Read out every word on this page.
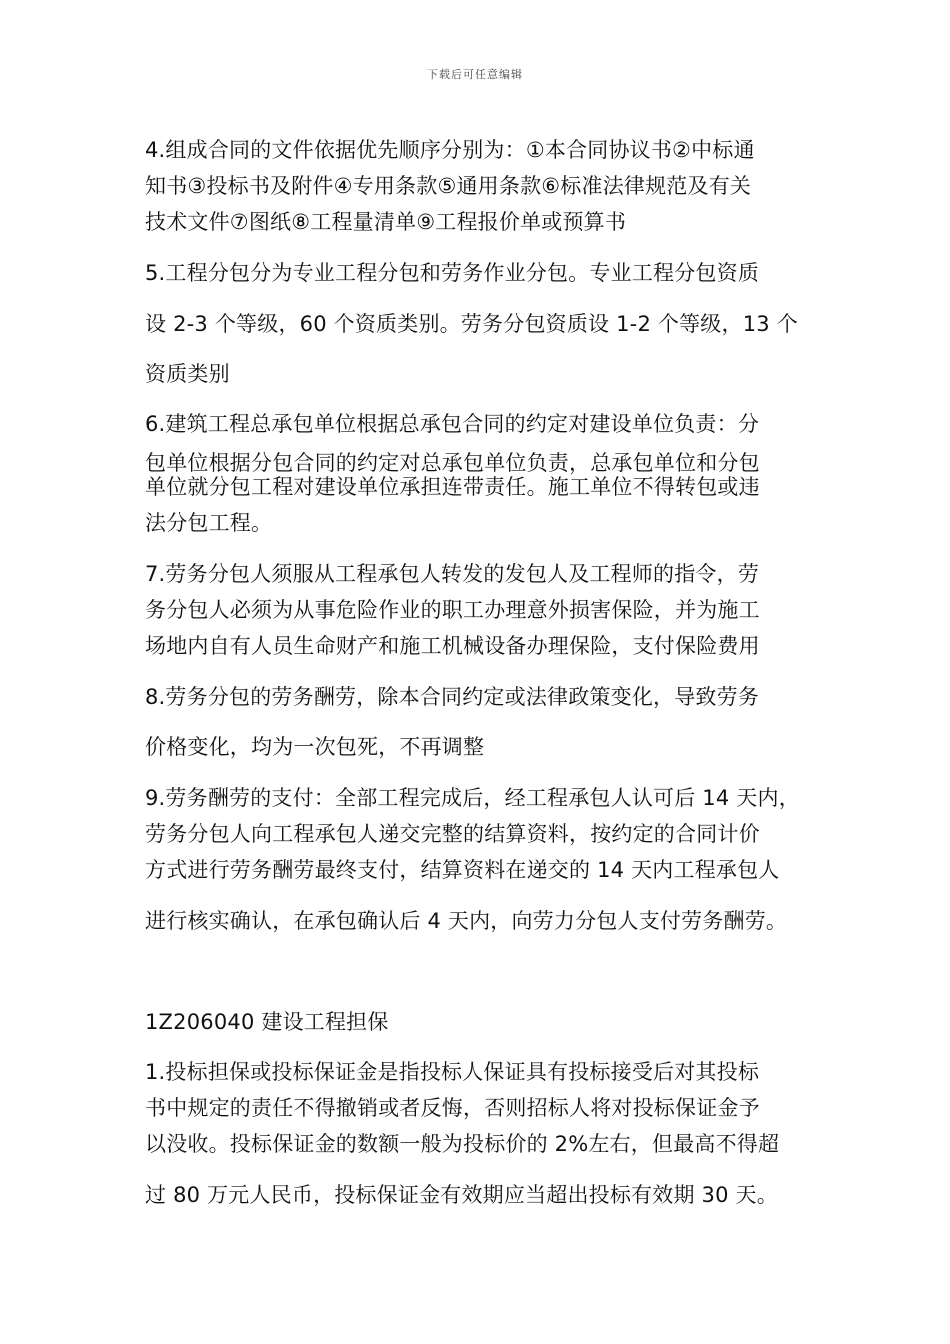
下载后可任意编辑
4.组成合同的文件依据优先顺序分别为：①本合同协议书②中标通
知书③投标书及附件④专用条款⑤通用条款⑥标准法律规范及有关
技术文件⑦图纸⑧工程量清单⑨工程报价单或预算书
5.工程分包分为专业工程分包和劳务作业分包。专业工程分包资质
设 2-3 个等级，60 个资质类别。劳务分包资质设 1-2 个等级，13 个
资质类别
6.建筑工程总承包单位根据总承包合同的约定对建设单位负责：分
包单位根据分包合同的约定对总承包单位负责，总承包单位和分包
单位就分包工程对建设单位承担连带责任。施工单位不得转包或违
法分包工程。
7.劳务分包人须服从工程承包人转发的发包人及工程师的指令，劳
务分包人必须为从事危险作业的职工办理意外损害保险，并为施工
场地内自有人员生命财产和施工机械设备办理保险，支付保险费用
8.劳务分包的劳务酬劳，除本合同约定或法律政策变化，导致劳务
价格变化，均为一次包死，不再调整
9.劳务酬劳的支付：全部工程完成后，经工程承包人认可后 14 天内，
劳务分包人向工程承包人递交完整的结算资料，按约定的合同计价
方式进行劳务酬劳最终支付，结算资料在递交的 14 天内工程承包人
进行核实确认，在承包确认后 4 天内，向劳力分包人支付劳务酬劳。
1Z206040 建设工程担保
1.投标担保或投标保证金是指投标人保证具有投标接受后对其投标
书中规定的责任不得撤销或者反悔，否则招标人将对投标保证金予
以没收。投标保证金的数额一般为投标价的 2%左右，但最高不得超
过 80 万元人民币，投标保证金有效期应当超出投标有效期 30 天。
